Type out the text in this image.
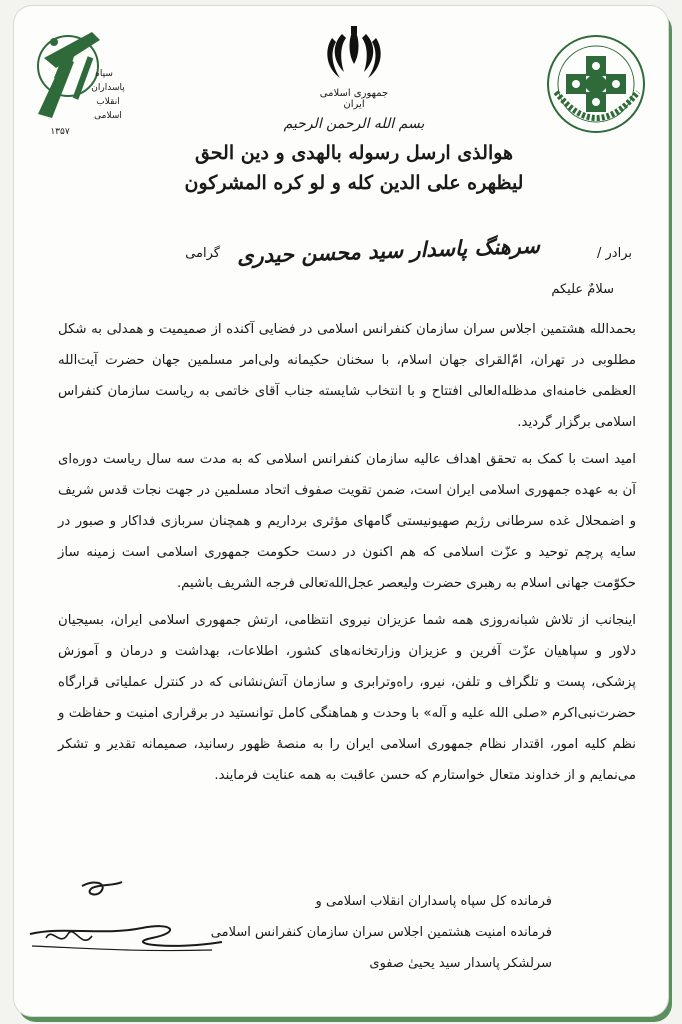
سپاه
پاسداران
انقلاب
اسلامی
۱۳۵۷
جمهوری اسلامی ایران
بسم الله الرحمن الرحیم
هوالذی ارسل رسوله بالهدی و دین الحق
لیظهره علی الدین کله و لو کره المشرکون
برادر /
سرهنگ پاسدار سید محسن حیدری
گرامی
سلامٌ علیکم

بحمدالله هشتمین اجلاس سران سازمان کنفرانس اسلامی در فضایی آکنده از صمیمیت و همدلی به شکل مطلوبی در تهران، امّ‌القرای جهان اسلام، با سخنان حکیمانه ولی‌امر مسلمین جهان حضرت آیت‌الله العظمی خامنه‌ای مدظله‌العالی افتتاح و با انتخاب شایسته جناب آقای خاتمی به ریاست سازمان کنفراس اسلامی برگزار گردید.

امید است با کمک به تحقق اهداف عالیه سازمان کنفرانس اسلامی که به مدت سه سال ریاست دوره‌ای آن به عهده جمهوری اسلامی ایران است، ضمن تقویت صفوف اتحاد مسلمین در جهت نجات قدس شریف و اضمحلال غده سرطانی رژیم صهیونیستی گامهای مؤثری برداریم و همچنان سربازی فداکار و صبور در سایه پرچم توحید و عزّت اسلامی که هم اکنون در دست حکومت جمهوری اسلامی است زمینه ساز حکوّمت جهانی اسلام به رهبری حضرت ولیعصر عجل‌الله‌تعالی فرجه الشریف باشیم.

اینجانب از تلاش شبانه‌روزی همه شما عزیزان نیروی انتظامی، ارتش جمهوری اسلامی ایران، بسیجیان دلاور و سپاهیان عزّت آفرین و عزیزان وزارتخانه‌های کشور، اطلاعات، بهداشت و درمان و آموزش پزشکی، پست و تلگراف و تلفن، نیرو، راه‌وترابری و سازمان آتش‌نشانی که در کنترل عملیاتی قرارگاه حضرت‌نبی‌اکرم «صلی الله علیه و آله» با وحدت و هماهنگی کامل توانستید در برقراری امنیت و حفاظت و نظم کلیه امور، اقتدار نظام جمهوری اسلامی ایران را به منصهٔ ظهور رسانید، صمیمانه تقدیر و تشکر می‌نمایم و از خداوند متعال خواستارم که حسن عاقبت به همه عنایت فرمایند.

فرمانده کل سپاه پاسداران انقلاب اسلامی و
فرمانده امنیت هشتمین اجلاس سران سازمان کنفرانس اسلامی
سرلشکر پاسدار سید یحییٰ صفوی
